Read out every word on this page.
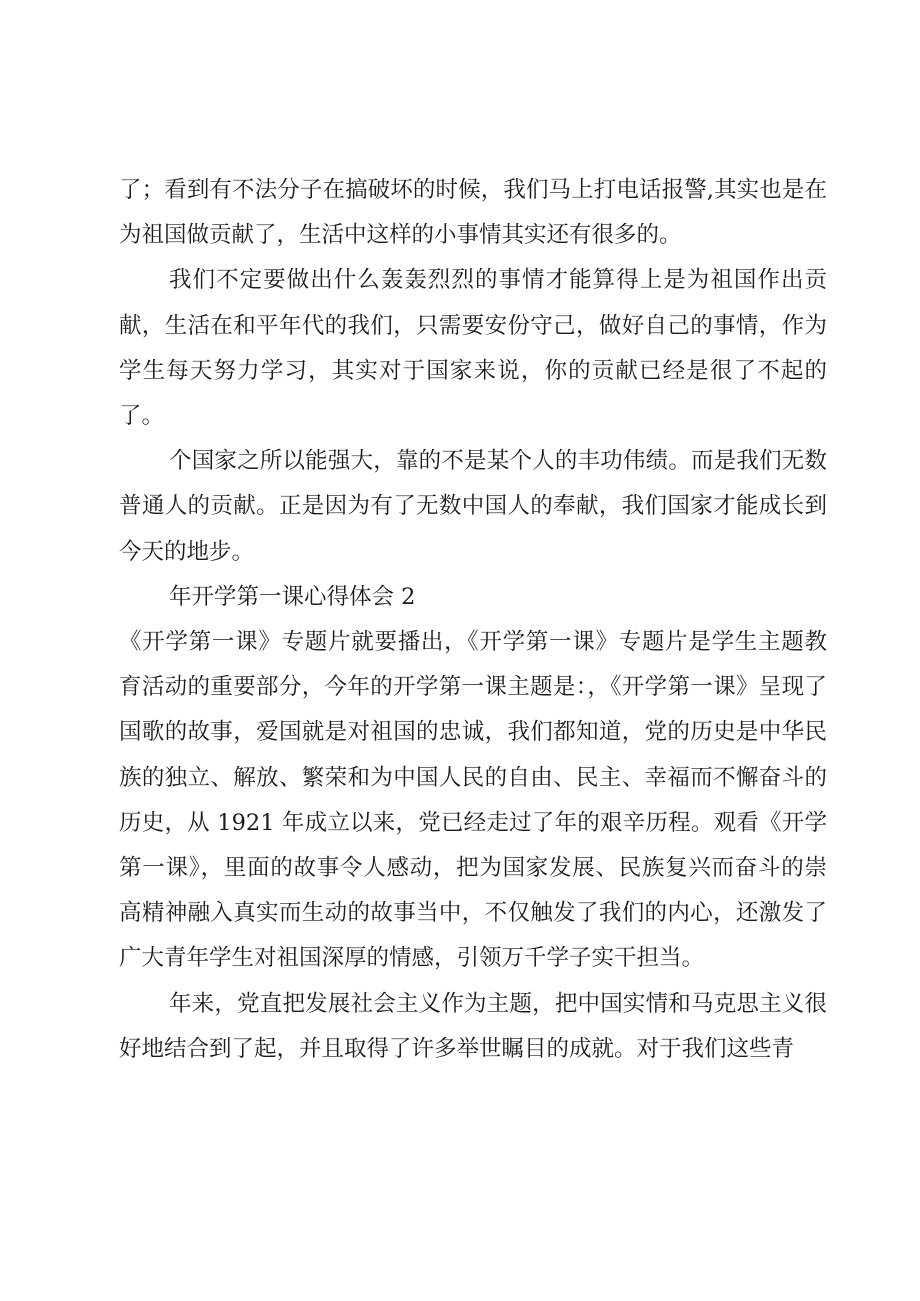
了；看到有不法分子在搞破坏的时候，我们马上打电话报警,其实也是在为祖国做贡献了，生活中这样的小事情其实还有很多的。

我们不定要做出什么轰轰烈烈的事情才能算得上是为祖国作出贡献，生活在和平年代的我们，只需要安份守己，做好自己的事情，作为学生每天努力学习，其实对于国家来说，你的贡献已经是很了不起的了。

个国家之所以能强大，靠的不是某个人的丰功伟绩。而是我们无数普通人的贡献。正是因为有了无数中国人的奉献，我们国家才能成长到今天的地步。

年开学第一课心得体会 2

《开学第一课》专题片就要播出，《开学第一课》专题片是学生主题教育活动的重要部分，今年的开学第一课主题是：，《开学第一课》呈现了国歌的故事，爱国就是对祖国的忠诚，我们都知道，党的历史是中华民族的独立、解放、繁荣和为中国人民的自由、民主、幸福而不懈奋斗的历史，从 1921 年成立以来，党已经走过了年的艰辛历程。观看《开学第一课》，里面的故事令人感动，把为国家发展、民族复兴而奋斗的崇高精神融入真实而生动的故事当中，不仅触发了我们的内心，还激发了广大青年学生对祖国深厚的情感，引领万千学子实干担当。

年来，党直把发展社会主义作为主题，把中国实情和马克思主义很好地结合到了起，并且取得了许多举世瞩目的成就。对于我们这些青
